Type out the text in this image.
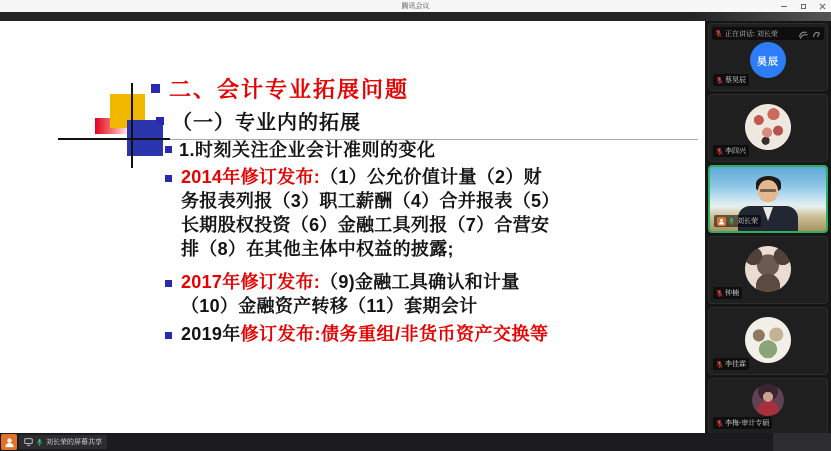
腾讯会议
二、会计专业拓展问题
（一）专业内的拓展
1.时刻关注企业会计准则的变化
2014年修订发布:（1）公允价值计量（2）财
务报表列报（3）职工薪酬（4）合并报表（5）
长期股权投资（6）金融工具列报（7）合营安
排（8）在其他主体中权益的披露;
2017年修订发布:（9)金融工具确认和计量
（10）金融资产转移（11）套期会计
2019年修订发布:债务重组/非货币资产交换等
正在讲话: 刘长荣
昊辰
蔡昊辰
李四兴
刘长荣
钟楠
李佳霖
李梅-审计专硕
刘长荣的屏幕共享
